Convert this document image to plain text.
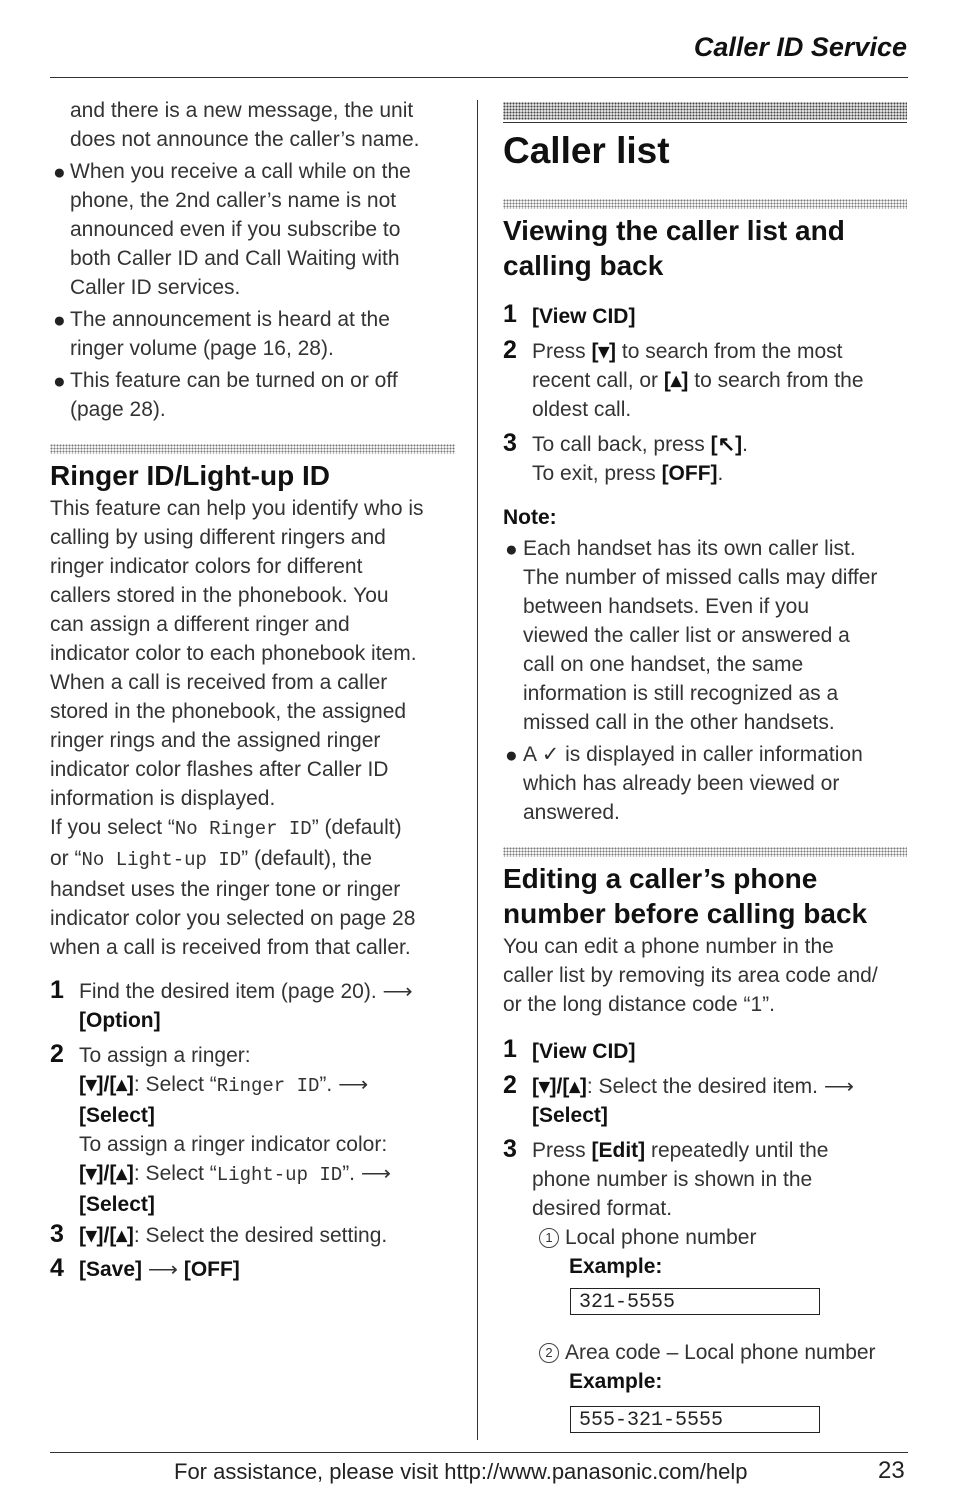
Caller ID Service
and there is a new message, the unit
does not announce the caller’s name.
● When you receive a call while on the
phone, the 2nd caller’s name is not
announced even if you subscribe to
both Caller ID and Call Waiting with
Caller ID services.
● The announcement is heard at the
ringer volume (page 16, 28).
● This feature can be turned on or off
(page 28).
Ringer ID/Light-up ID
This feature can help you identify who is
calling by using different ringers and
ringer indicator colors for different
callers stored in the phonebook. You
can assign a different ringer and
indicator color to each phonebook item.
When a call is received from a caller
stored in the phonebook, the assigned
ringer rings and the assigned ringer
indicator color flashes after Caller ID
information is displayed.
If you select “No Ringer ID” (default)
or “No Light-up ID” (default), the
handset uses the ringer tone or ringer
indicator color you selected on page 28
when a call is received from that caller.
1 Find the desired item (page 20). ⟶
[Option]
2 To assign a ringer:
[▾]/[▴]: Select “Ringer ID”. ⟶
[Select]
To assign a ringer indicator color:
[▾]/[▴]: Select “Light-up ID”. ⟶
[Select]
3 [▾]/[▴]: Select the desired setting.
4 [Save] ⟶ [OFF]
Caller list
Viewing the caller list and
calling back
1 [View CID]
2 Press [▾] to search from the most
recent call, or [▴] to search from the
oldest call.
3 To call back, press [↖].
To exit, press [OFF].
Note:
● Each handset has its own caller list.
The number of missed calls may differ
between handsets. Even if you
viewed the caller list or answered a
call on one handset, the same
information is still recognized as a
missed call in the other handsets.
● A ✓ is displayed in caller information
which has already been viewed or
answered.
Editing a caller’s phone
number before calling back
You can edit a phone number in the
caller list by removing its area code and/
or the long distance code “1”.
1 [View CID]
2 [▾]/[▴]: Select the desired item. ⟶
[Select]
3 Press [Edit] repeatedly until the
phone number is shown in the
desired format.
1 Local phone number
Example:
321-5555
2 Area code – Local phone number
Example:
555-321-5555
For assistance, please visit http://www.panasonic.com/help	23
